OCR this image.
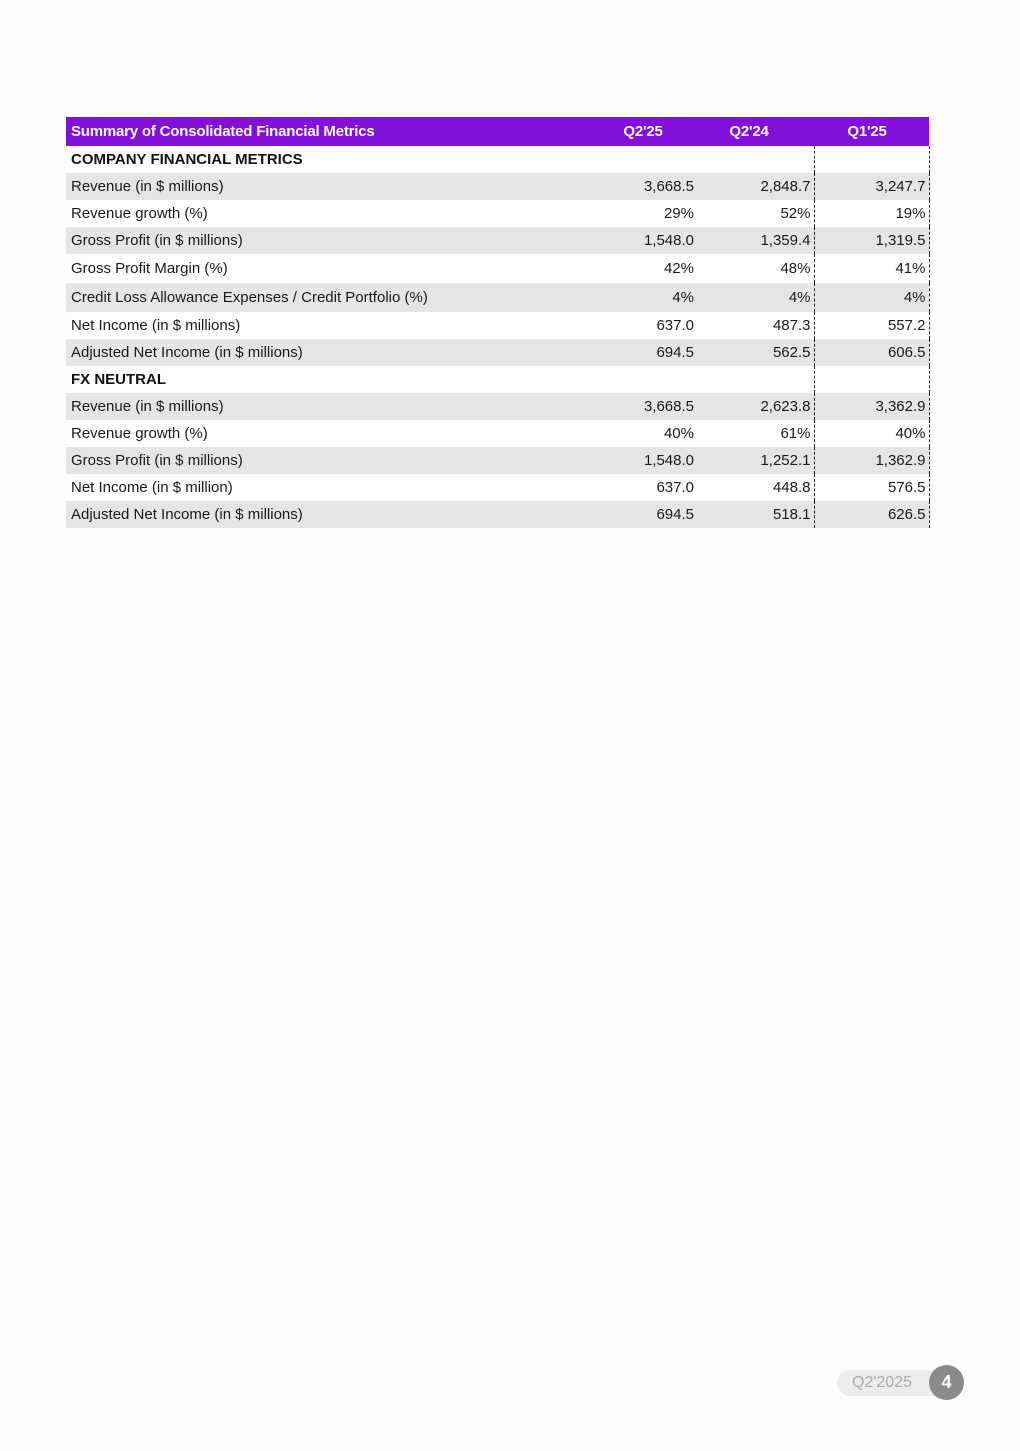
Summary of Consolidated Financial Metrics	Q2'25	Q2'24	Q1'25
COMPANY FINANCIAL METRICS			
Revenue (in $ millions)	3,668.5	2,848.7	3,247.7
Revenue growth (%)	29%	52%	19%
Gross Profit (in $ millions)	1,548.0	1,359.4	1,319.5
Gross Profit Margin (%)	42%	48%	41%
Credit Loss Allowance Expenses / Credit Portfolio (%)	4%	4%	4%
Net Income (in $ millions)	637.0	487.3	557.2
Adjusted Net Income (in $ millions)	694.5	562.5	606.5
FX NEUTRAL			
Revenue (in $ millions)	3,668.5	2,623.8	3,362.9
Revenue growth (%)	40%	61%	40%
Gross Profit (in $ millions)	1,548.0	1,252.1	1,362.9
Net Income (in $ million)	637.0	448.8	576.5
Adjusted Net Income (in $ millions)	694.5	518.1	626.5
Q2'2025	4
